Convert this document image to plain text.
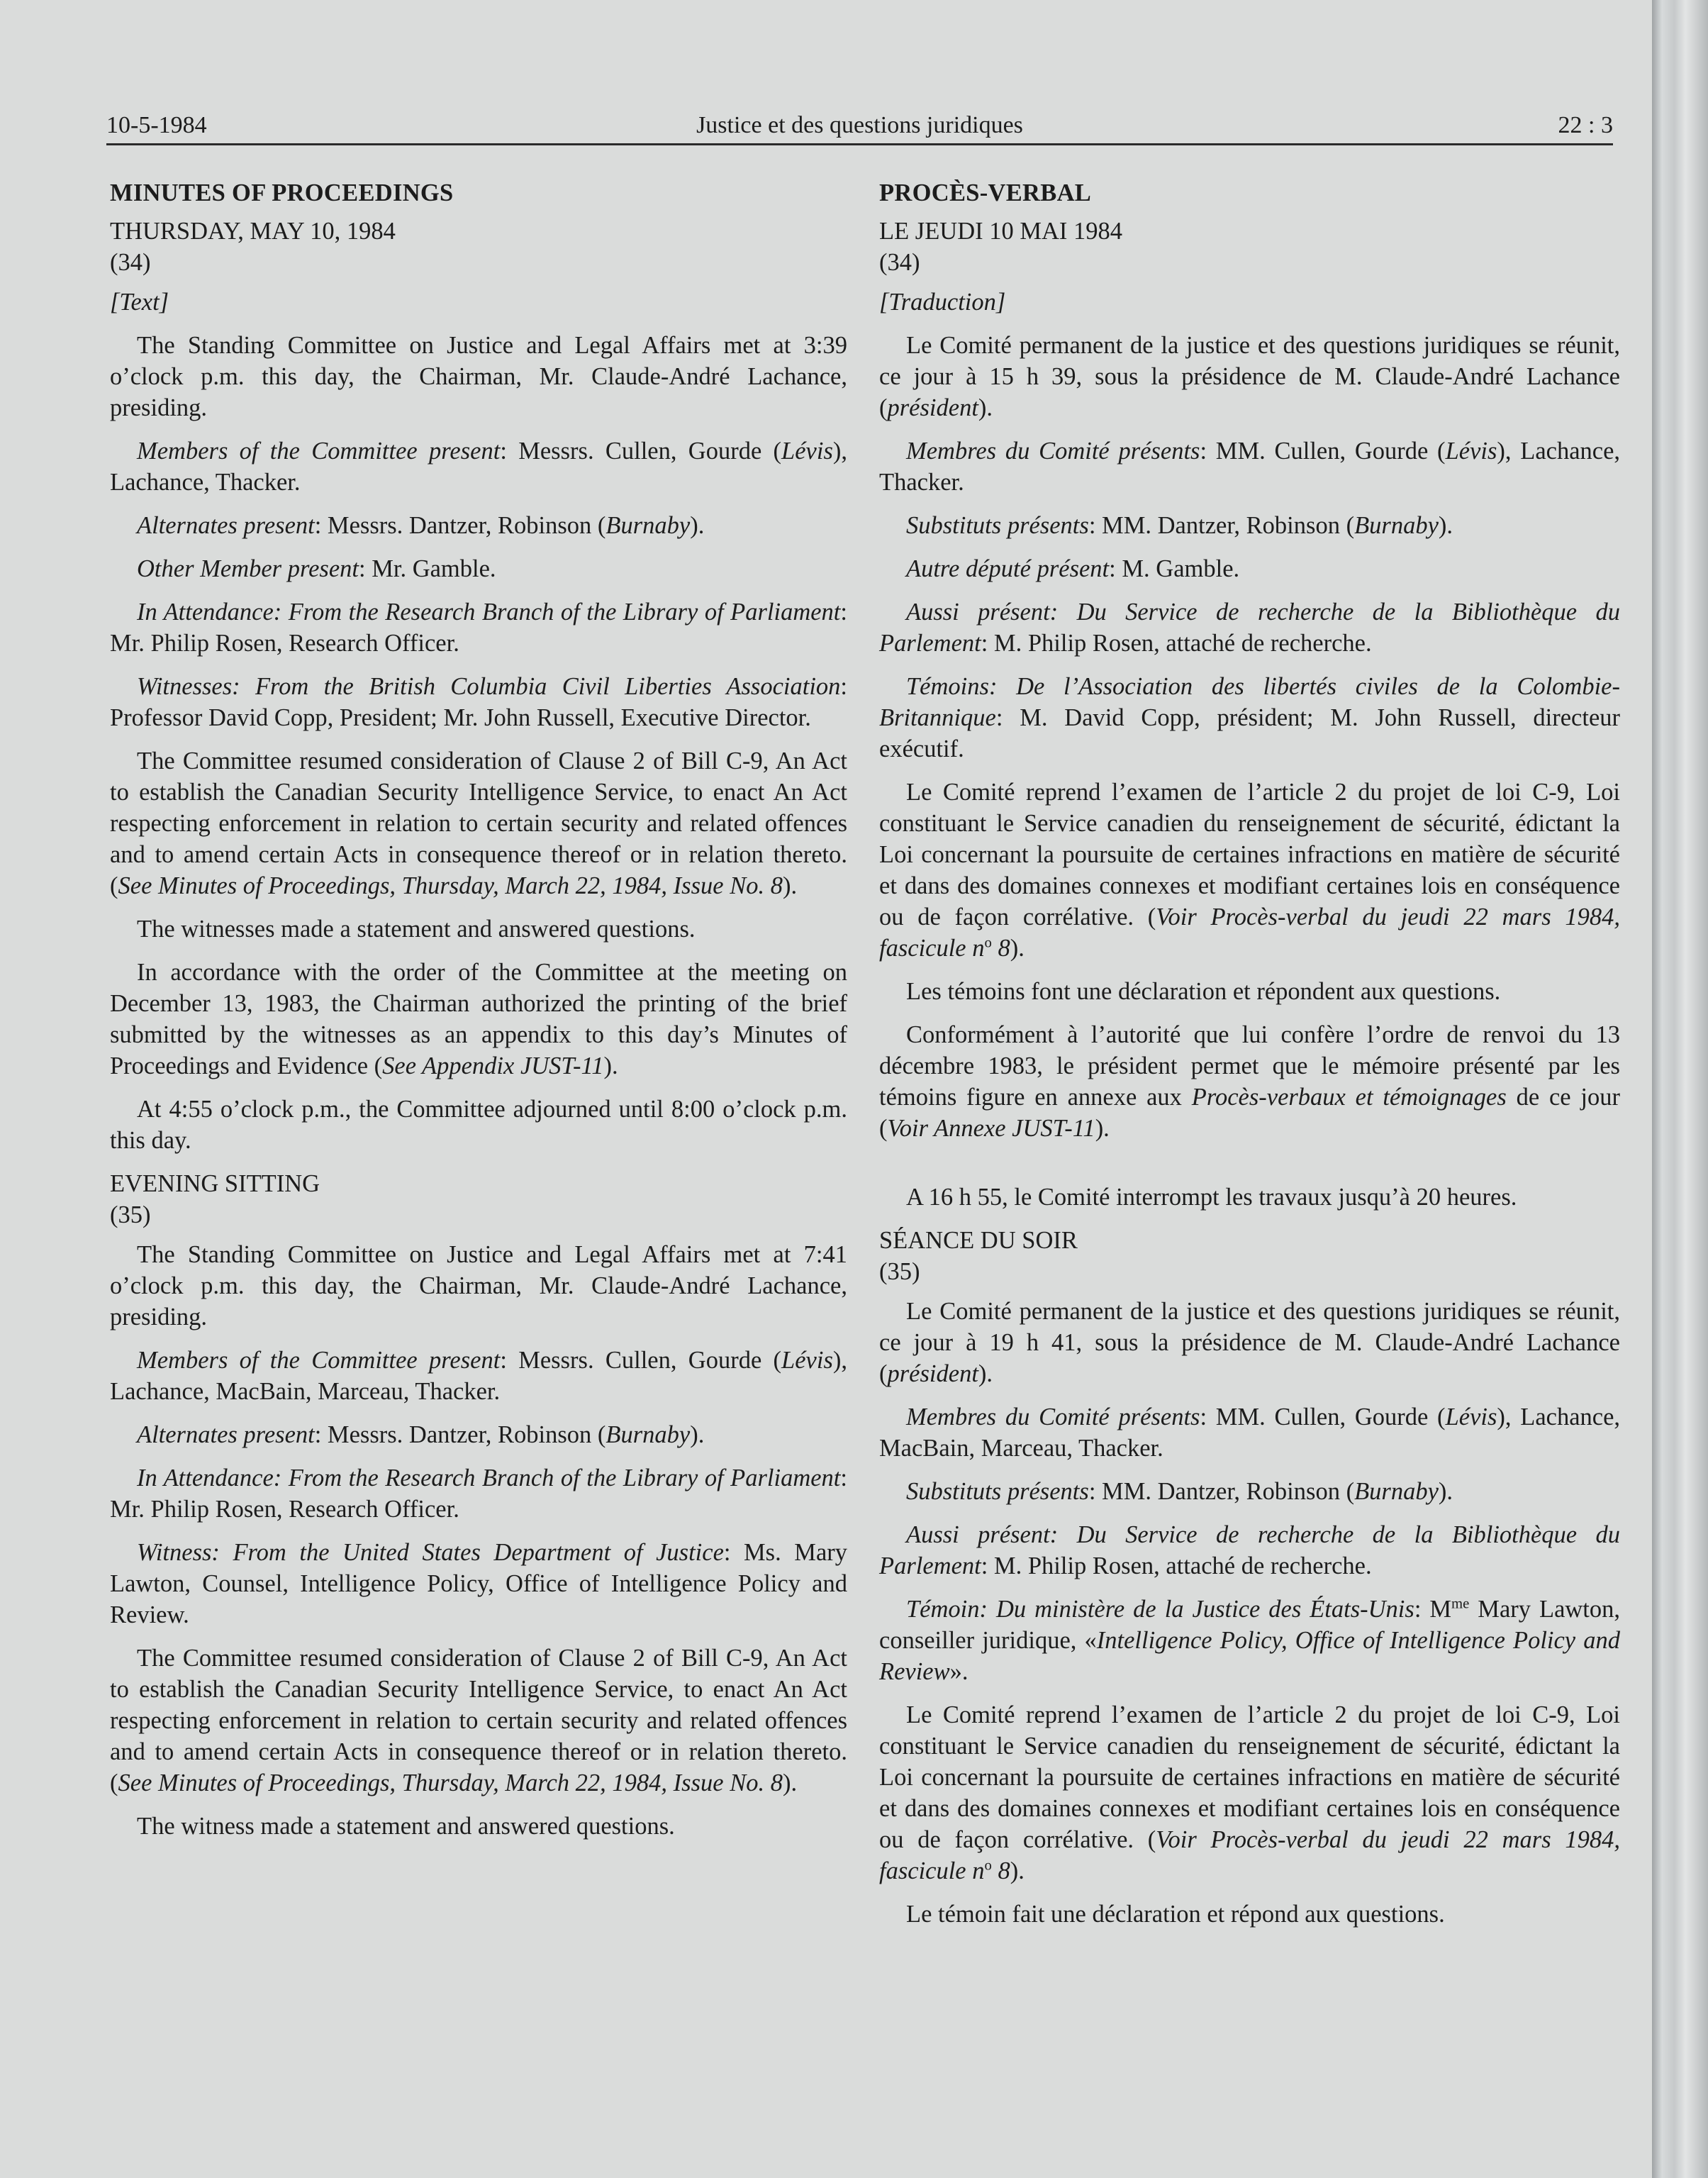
10-5-1984	Justice et des questions juridiques	22 : 3
MINUTES OF PROCEEDINGS

THURSDAY, MAY 10, 1984

(34)

[Text]

The Standing Committee on Justice and Legal Affairs met at 3:39 o’clock p.m. this day, the Chairman, Mr. Claude-André Lachance, presiding.

Members of the Committee present: Messrs. Cullen, Gourde (Lévis), Lachance, Thacker.

Alternates present: Messrs. Dantzer, Robinson (Burnaby).

Other Member present: Mr. Gamble.

In Attendance: From the Research Branch of the Library of Parliament: Mr. Philip Rosen, Research Officer.

Witnesses: From the British Columbia Civil Liberties Association: Professor David Copp, President; Mr. John Russell, Executive Director.

The Committee resumed consideration of Clause 2 of Bill C-9, An Act to establish the Canadian Security Intelligence Service, to enact An Act respecting enforcement in relation to certain security and related offences and to amend certain Acts in consequence thereof or in relation thereto. (See Minutes of Proceedings, Thursday, March 22, 1984, Issue No. 8).

The witnesses made a statement and answered questions.

In accordance with the order of the Committee at the meeting on December 13, 1983, the Chairman authorized the printing of the brief submitted by the witnesses as an appendix to this day’s Minutes of Proceedings and Evidence (See Appendix JUST-11).

At 4:55 o’clock p.m., the Committee adjourned until 8:00 o’clock p.m. this day.

EVENING SITTING

(35)

The Standing Committee on Justice and Legal Affairs met at 7:41 o’clock p.m. this day, the Chairman, Mr. Claude-André Lachance, presiding.

Members of the Committee present: Messrs. Cullen, Gourde (Lévis), Lachance, MacBain, Marceau, Thacker.

Alternates present: Messrs. Dantzer, Robinson (Burnaby).

In Attendance: From the Research Branch of the Library of Parliament: Mr. Philip Rosen, Research Officer.

Witness: From the United States Department of Justice: Ms. Mary Lawton, Counsel, Intelligence Policy, Office of Intelligence Policy and Review.

The Committee resumed consideration of Clause 2 of Bill C-9, An Act to establish the Canadian Security Intelligence Service, to enact An Act respecting enforcement in relation to certain security and related offences and to amend certain Acts in consequence thereof or in relation thereto. (See Minutes of Proceedings, Thursday, March 22, 1984, Issue No. 8).

The witness made a statement and answered questions.

PROCÈS-VERBAL

LE JEUDI 10 MAI 1984

(34)

[Traduction]

Le Comité permanent de la justice et des questions juridiques se réunit, ce jour à 15 h 39, sous la présidence de M. Claude-André Lachance (président).

Membres du Comité présents: MM. Cullen, Gourde (Lévis), Lachance, Thacker.

Substituts présents: MM. Dantzer, Robinson (Burnaby).

Autre député présent: M. Gamble.

Aussi présent: Du Service de recherche de la Bibliothèque du Parlement: M. Philip Rosen, attaché de recherche.

Témoins: De l’Association des libertés civiles de la Colombie-Britannique: M. David Copp, président; M. John Russell, directeur exécutif.

Le Comité reprend l’examen de l’article 2 du projet de loi C-9, Loi constituant le Service canadien du renseignement de sécurité, édictant la Loi concernant la poursuite de certaines infractions en matière de sécurité et dans des domaines connexes et modifiant certaines lois en conséquence ou de façon corrélative. (Voir Procès-verbal du jeudi 22 mars 1984, fascicule $n^o$ 8).

Les témoins font une déclaration et répondent aux questions.

Conformément à l’autorité que lui confère l’ordre de renvoi du 13 décembre 1983, le président permet que le mémoire présenté par les témoins figure en annexe aux Procès-verbaux et témoignages de ce jour (Voir Annexe JUST-11).

A 16 h 55, le Comité interrompt les travaux jusqu’à 20 heures.

SÉANCE DU SOIR

(35)

Le Comité permanent de la justice et des questions juridiques se réunit, ce jour à 19 h 41, sous la présidence de M. Claude-André Lachance (président).

Membres du Comité présents: MM. Cullen, Gourde (Lévis), Lachance, MacBain, Marceau, Thacker.

Substituts présents: MM. Dantzer, Robinson (Burnaby).

Aussi présent: Du Service de recherche de la Bibliothèque du Parlement: M. Philip Rosen, attaché de recherche.

Témoin: Du ministère de la Justice des États-Unis: $M^{me}$ Mary Lawton, conseiller juridique, «Intelligence Policy, Office of Intelligence Policy and Review».

Le Comité reprend l’examen de l’article 2 du projet de loi C-9, Loi constituant le Service canadien du renseignement de sécurité, édictant la Loi concernant la poursuite de certaines infractions en matière de sécurité et dans des domaines connexes et modifiant certaines lois en conséquence ou de façon corrélative. (Voir Procès-verbal du jeudi 22 mars 1984, fascicule $n^o$ 8).

Le témoin fait une déclaration et répond aux questions.
